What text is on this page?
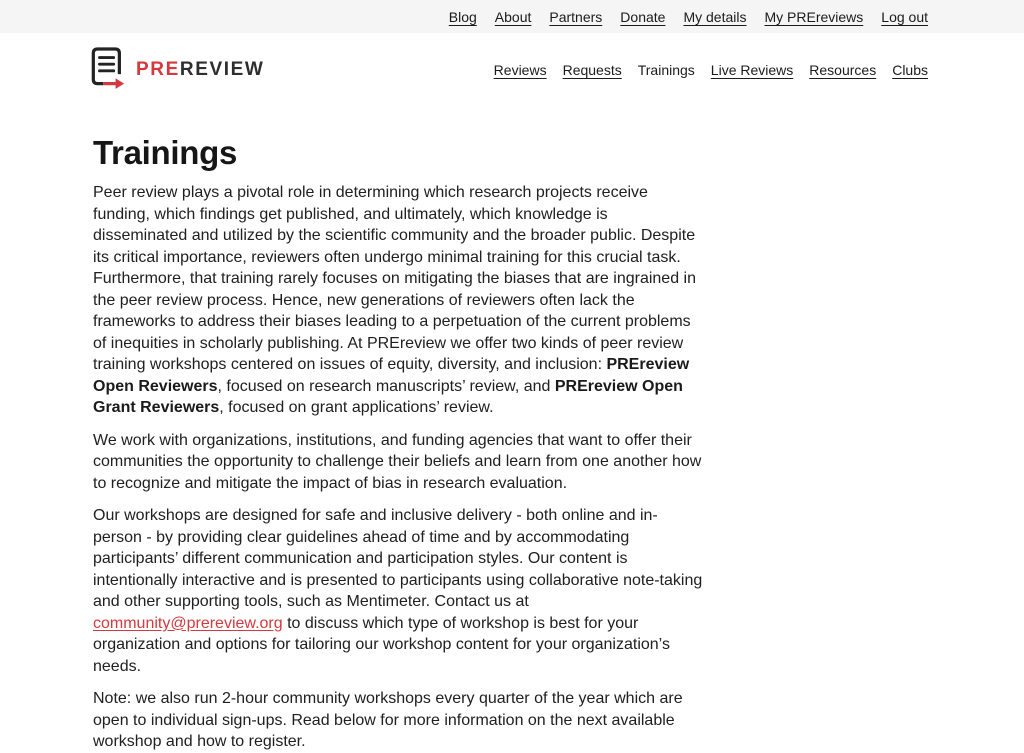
Blog About Partners Donate My details My PREreviews Log out
PREREVIEW	Reviews Requests Trainings Live Reviews Resources Clubs
Trainings

Peer review plays a pivotal role in determining which research projects receive funding, which findings get published, and ultimately, which knowledge is disseminated and utilized by the scientific community and the broader public. Despite its critical importance, reviewers often undergo minimal training for this crucial task. Furthermore, that training rarely focuses on mitigating the biases that are ingrained in the peer review process. Hence, new generations of reviewers often lack the frameworks to address their biases leading to a perpetuation of the current problems of inequities in scholarly publishing. At PREreview we offer two kinds of peer review training workshops centered on issues of equity, diversity, and inclusion: PREreview Open Reviewers, focused on research manuscripts’ review, and PREreview Open Grant Reviewers, focused on grant applications’ review.

We work with organizations, institutions, and funding agencies that want to offer their communities the opportunity to challenge their beliefs and learn from one another how to recognize and mitigate the impact of bias in research evaluation.

Our workshops are designed for safe and inclusive delivery - both online and in-person - by providing clear guidelines ahead of time and by accommodating participants’ different communication and participation styles. Our content is intentionally interactive and is presented to participants using collaborative note-taking and other supporting tools, such as Mentimeter. Contact us at community@prereview.org to discuss which type of workshop is best for your organization and options for tailoring our workshop content for your organization’s needs.

Note: we also run 2-hour community workshops every quarter of the year which are open to individual sign-ups. Read below for more information on the next available workshop and how to register.
